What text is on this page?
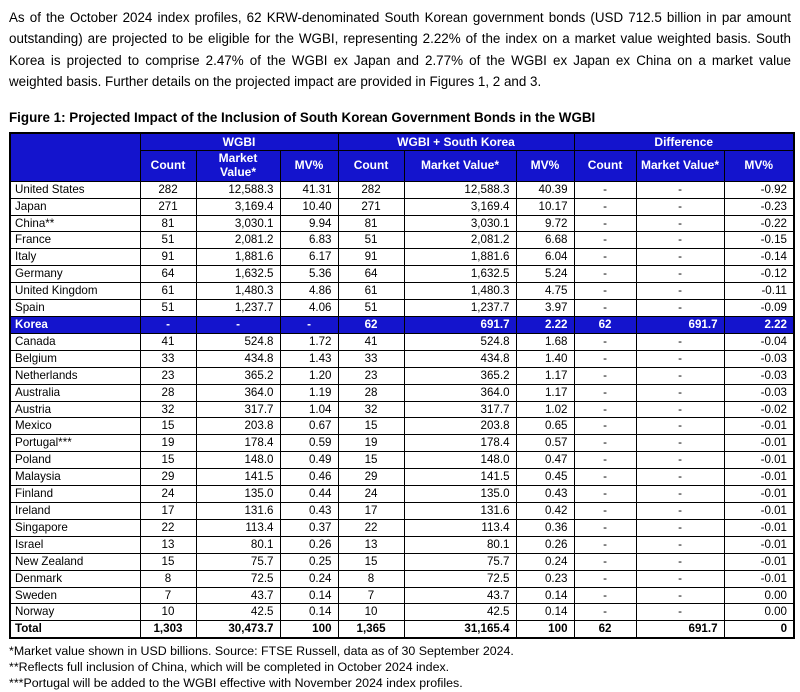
As of the October 2024 index profiles, 62 KRW-denominated South Korean government bonds (USD 712.5 billion in par amount outstanding) are projected to be eligible for the WGBI, representing 2.22% of the index on a market value weighted basis. South Korea is projected to comprise 2.47% of the WGBI ex Japan and 2.77% of the WGBI ex Japan ex China on a market value weighted basis. Further details on the projected impact are provided in Figures 1, 2 and 3.

Figure 1: Projected Impact of the Inclusion of South Korean Government Bonds in the WGBI
	WGBI			WGBI + South Korea			Difference		
	Count	Market Value*	MV%	Count	Market Value*	MV%	Count	Market Value*	MV%
United States	282	12,588.3	41.31	282	12,588.3	40.39	-	-	-0.92
Japan	271	3,169.4	10.40	271	3,169.4	10.17	-	-	-0.23
China**	81	3,030.1	9.94	81	3,030.1	9.72	-	-	-0.22
France	51	2,081.2	6.83	51	2,081.2	6.68	-	-	-0.15
Italy	91	1,881.6	6.17	91	1,881.6	6.04	-	-	-0.14
Germany	64	1,632.5	5.36	64	1,632.5	5.24	-	-	-0.12
United Kingdom	61	1,480.3	4.86	61	1,480.3	4.75	-	-	-0.11
Spain	51	1,237.7	4.06	51	1,237.7	3.97	-	-	-0.09
Korea	-	-	-	62	691.7	2.22	62	691.7	2.22
Canada	41	524.8	1.72	41	524.8	1.68	-	-	-0.04
Belgium	33	434.8	1.43	33	434.8	1.40	-	-	-0.03
Netherlands	23	365.2	1.20	23	365.2	1.17	-	-	-0.03
Australia	28	364.0	1.19	28	364.0	1.17	-	-	-0.03
Austria	32	317.7	1.04	32	317.7	1.02	-	-	-0.02
Mexico	15	203.8	0.67	15	203.8	0.65	-	-	-0.01
Portugal***	19	178.4	0.59	19	178.4	0.57	-	-	-0.01
Poland	15	148.0	0.49	15	148.0	0.47	-	-	-0.01
Malaysia	29	141.5	0.46	29	141.5	0.45	-	-	-0.01
Finland	24	135.0	0.44	24	135.0	0.43	-	-	-0.01
Ireland	17	131.6	0.43	17	131.6	0.42	-	-	-0.01
Singapore	22	113.4	0.37	22	113.4	0.36	-	-	-0.01
Israel	13	80.1	0.26	13	80.1	0.26	-	-	-0.01
New Zealand	15	75.7	0.25	15	75.7	0.24	-	-	-0.01
Denmark	8	72.5	0.24	8	72.5	0.23	-	-	-0.01
Sweden	7	43.7	0.14	7	43.7	0.14	-	-	0.00
Norway	10	42.5	0.14	10	42.5	0.14	-	-	0.00
Total	1,303	30,473.7	100	1,365	31,165.4	100	62	691.7	0

*Market value shown in USD billions. Source: FTSE Russell, data as of 30 September 2024.

**Reflects full inclusion of China, which will be completed in October 2024 index.

***Portugal will be added to the WGBI effective with November 2024 index profiles.
